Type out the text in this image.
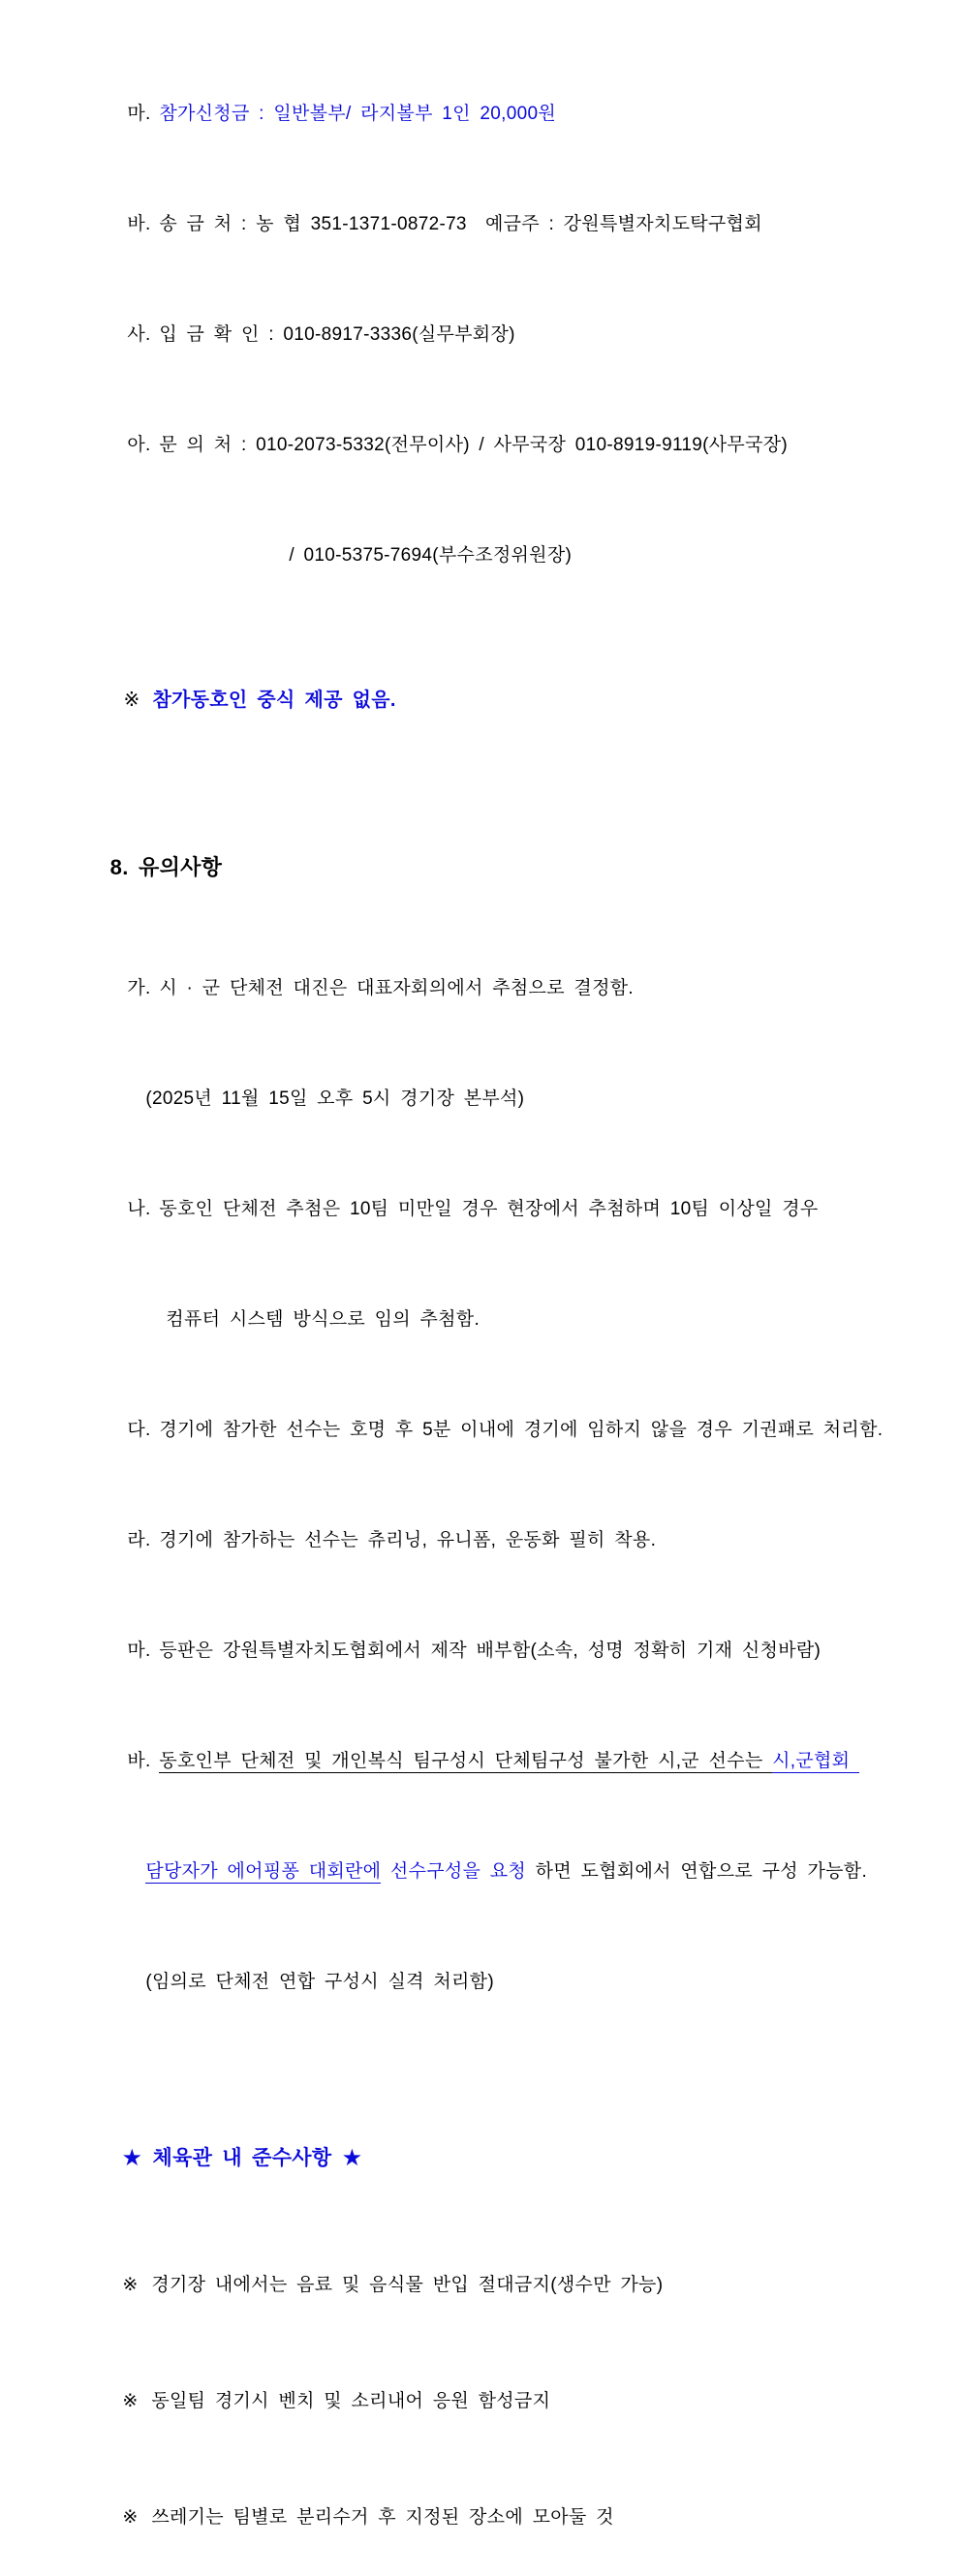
마. 참가신청금 : 일반볼부/ 라지볼부 1인 20,000원

바. 송 금 처 : 농 협 351-1371-0872-73  예금주 : 강원특별자치도탁구협회

사. 입 금 확 인 : 010-8917-3336(실무부회장)

아. 문 의 처 : 010-2073-5332(전무이사) / 사무국장 010-8919-9119(사무국장)

/ 010-5375-7694(부수조정위원장)

※ 참가동호인 중식 제공 없음.

8. 유의사항

가. 시 · 군 단체전 대진은 대표자회의에서 추첨으로 결정함.

(2025년 11월 15일 오후 5시 경기장 본부석)

나. 동호인 단체전 추첨은 10팀 미만일 경우 현장에서 추첨하며 10팀 이상일 경우

컴퓨터 시스템 방식으로 임의 추첨함.

다. 경기에 참가한 선수는 호명 후 5분 이내에 경기에 임하지 않을 경우 기권패로 처리함.

라. 경기에 참가하는 선수는 츄리닝, 유니폼, 운동화 필히 착용.

마. 등판은 강원특별자치도협회에서 제작 배부함(소속, 성명 정확히 기재 신청바람)

바. 동호인부 단체전 및 개인복식 팀구성시 단체팀구성 불가한 시,군 선수는 시,군협회

담당자가 에어핑퐁 대회란에 선수구성을 요청 하면 도협회에서 연합으로 구성 가능함.

(임의로 단체전 연합 구성시 실격 처리함)

★ 체육관 내 준수사항 ★

※ 경기장 내에서는 음료 및 음식물 반입 절대금지(생수만 가능)

※ 동일팀 경기시 벤치 및 소리내어 응원 함성금지

※ 쓰레기는 팀별로 분리수거 후 지정된 장소에 모아둘 것
